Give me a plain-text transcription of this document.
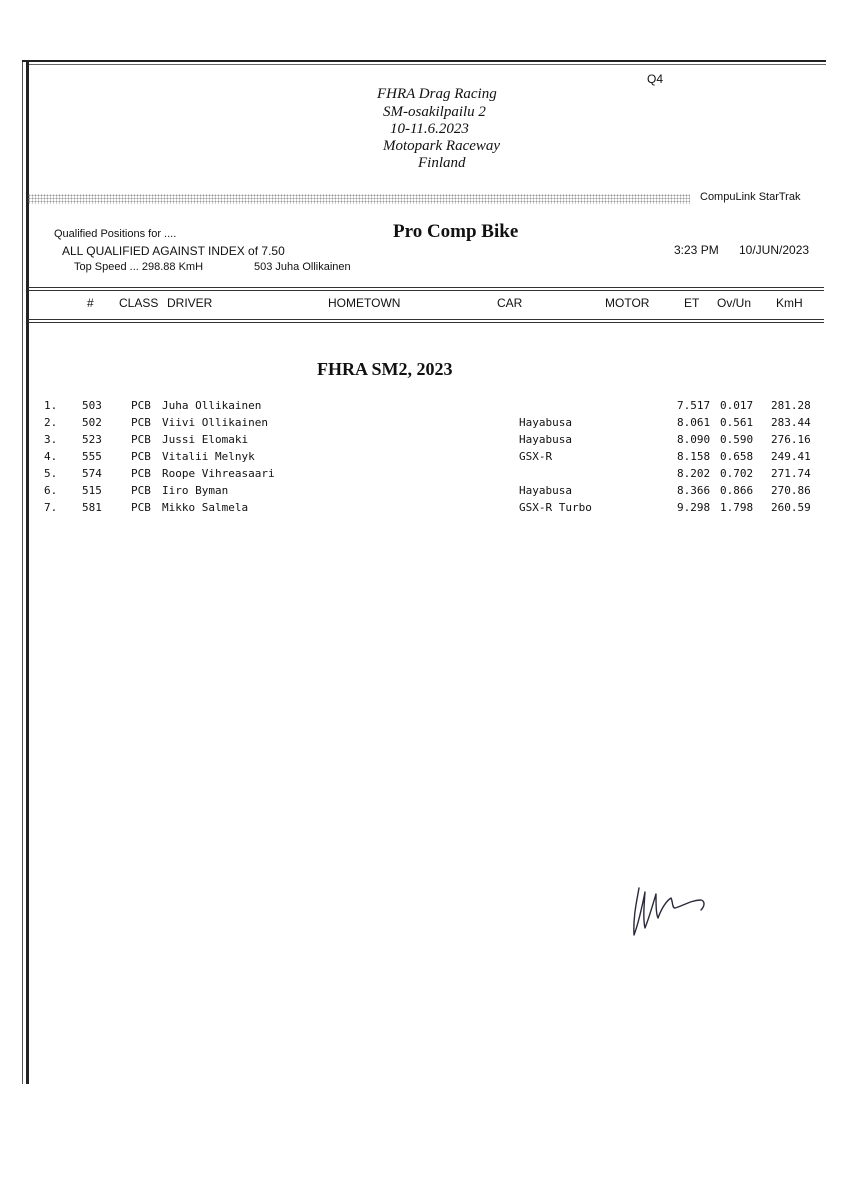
Q4
FHRA Drag Racing
SM-osakilpailu 2
10-11.6.2023
Motopark Raceway
Finland
CompuLink StarTrak
Qualified Positions for ....
ALL QUALIFIED AGAINST INDEX of 7.50
Top Speed ... 298.88 KmH	503 Juha Ollikainen
Pro Comp Bike
3:23 PM 10/JUN/2023
# CLASS DRIVER	HOMETOWN	CAR	MOTOR	ET Ov/Un KmH
FHRA SM2, 2023
1. 503	PCB Juha Ollikainen	7.517 0.017 281.28
2. 502	PCB Viivi Ollikainen	Hayabusa	8.061 0.561 283.44
3. 523	PCB Jussi Elomaki	Hayabusa	8.090 0.590 276.16
4. 555	PCB Vitalii Melnyk	GSX-R	8.158 0.658 249.41
5. 574	PCB Roope Vihreasaari	8.202 0.702 271.74
6. 515	PCB Iiro Byman	Hayabusa	8.366 0.866 270.86
7. 581	PCB Mikko Salmela	GSX-R Turbo	9.298 1.798 260.59
